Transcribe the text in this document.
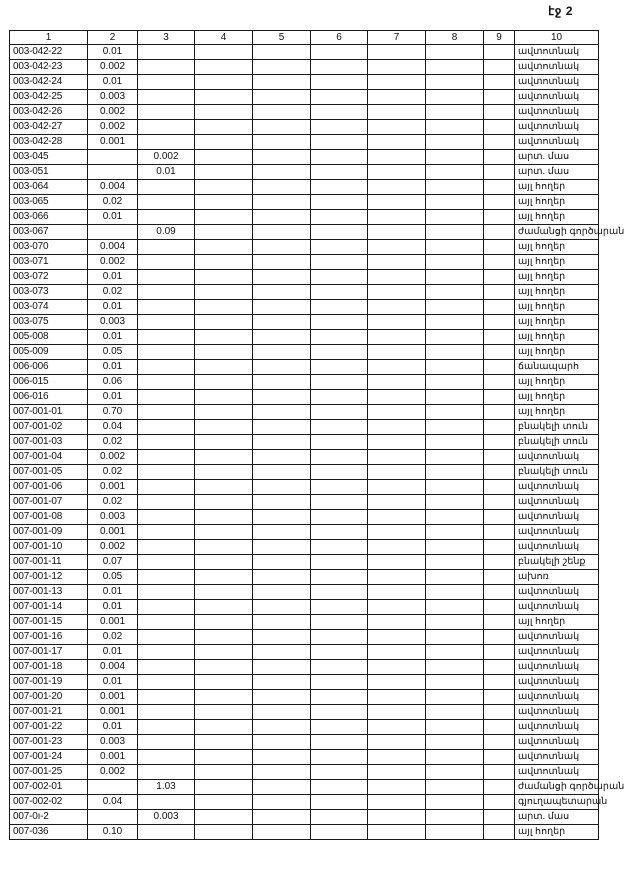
էջ 2
1	2	3	4	5	6	7	8	9	10
003-042-22	0.01								ավտոտնակ
003-042-23	0.002								ավտոտնակ
003-042-24	0.01								ավտոտնակ
003-042-25	0.003								ավտոտնակ
003-042-26	0.002								ավտոտնակ
003-042-27	0.002								ավտոտնակ
003-042-28	0.001								ավտոտնակ
003-045		0.002							արտ. մաս
003-051		0.01							արտ. մաս
003-064	0.004								այլ հողեր
003-065	0.02								այլ հողեր
003-066	0.01								այլ հողեր
003-067		0.09							ժամանցի գործարան
003-070	0.004								այլ հողեր
003-071	0.002								այլ հողեր
003-072	0.01								այլ հողեր
003-073	0.02								այլ հողեր
003-074	0.01								այլ հողեր
003-075	0.003								այլ հողեր
005-008	0.01								այլ հողեր
005-009	0.05								այլ հողեր
006-006	0.01								ճանապարհ
006-015	0.06								այլ հողեր
006-016	0.01								այլ հողեր
007-001-01	0.70								այլ հողեր
007-001-02	0.04								բնակելի տուն
007-001-03	0.02								բնակելի տուն
007-001-04	0.002								ավտոտնակ
007-001-05	0.02								բնակելի տուն
007-001-06	0.001								ավտոտնակ
007-001-07	0.02								ավտոտնակ
007-001-08	0.003								ավտոտնակ
007-001-09	0.001								ավտոտնակ
007-001-10	0.002								ավտոտնակ
007-001-11	0.07								բնակելի շենք
007-001-12	0.05								ախոռ
007-001-13	0.01								ավտոտնակ
007-001-14	0.01								ավտոտնակ
007-001-15	0.001								այլ հողեր
007-001-16	0.02								ավտոտնակ
007-001-17	0.01								ավտոտնակ
007-001-18	0.004								ավտոտնակ
007-001-19	0.01								ավտոտնակ
007-001-20	0.001								ավտոտնակ
007-001-21	0.001								ավտոտնակ
007-001-22	0.01								ավտոտնակ
007-001-23	0.003								ավտոտնակ
007-001-24	0.001								ավտոտնակ
007-001-25	0.002								ավտոտնակ
007-002-01		1.03							ժամանցի գործարան
007-002-02	0.04								գյուղապետարան
007-0ı-2		0.003							արտ. մաս
007-036	0.10								այլ հողեր
